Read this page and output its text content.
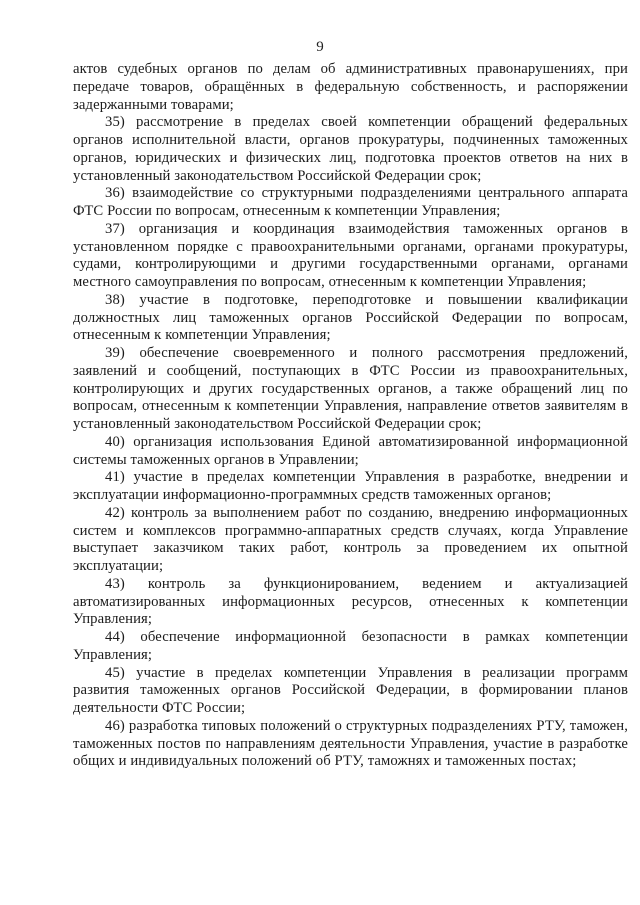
9

актов судебных органов по делам об административных правонарушениях, при передаче товаров, обращённых в федеральную собственность, и распоряжении задержанными товарами;

35) рассмотрение в пределах своей компетенции обращений федеральных органов исполнительной власти, органов прокуратуры, подчиненных таможенных органов, юридических и физических лиц, подготовка проектов ответов на них в установленный законодательством Российской Федерации срок;

36) взаимодействие со структурными подразделениями центрального аппарата ФТС России по вопросам, отнесенным к компетенции Управления;

37) организация и координация взаимодействия таможенных органов в установленном порядке с правоохранительными органами, органами прокуратуры, судами, контролирующими и другими государственными органами, органами местного самоуправления по вопросам, отнесенным к компетенции Управления;

38) участие в подготовке, переподготовке и повышении квалификации должностных лиц таможенных органов Российской Федерации по вопросам, отнесенным к компетенции Управления;

39) обеспечение своевременного и полного рассмотрения предложений, заявлений и сообщений, поступающих в ФТС России из правоохранительных, контролирующих и других государственных органов, а также обращений лиц по вопросам, отнесенным к компетенции Управления, направление ответов заявителям в установленный законодательством Российской Федерации срок;

40) организация использования Единой автоматизированной информационной системы таможенных органов в Управлении;

41) участие в пределах компетенции Управления в разработке, внедрении и эксплуатации информационно-программных средств таможенных органов;

42) контроль за выполнением работ по созданию, внедрению информационных систем и комплексов программно-аппаратных средств случаях, когда Управление выступает заказчиком таких работ, контроль за проведением их опытной эксплуатации;

43) контроль за функционированием, ведением и актуализацией автоматизированных информационных ресурсов, отнесенных к компетенции Управления;

44) обеспечение информационной безопасности в рамках компетенции Управления;

45) участие в пределах компетенции Управления в реализации программ развития таможенных органов Российской Федерации, в формировании планов деятельности ФТС России;

46) разработка типовых положений о структурных подразделениях РТУ, таможен, таможенных постов по направлениям деятельности Управления, участие в разработке общих и индивидуальных положений об РТУ, таможнях и таможенных постах;
